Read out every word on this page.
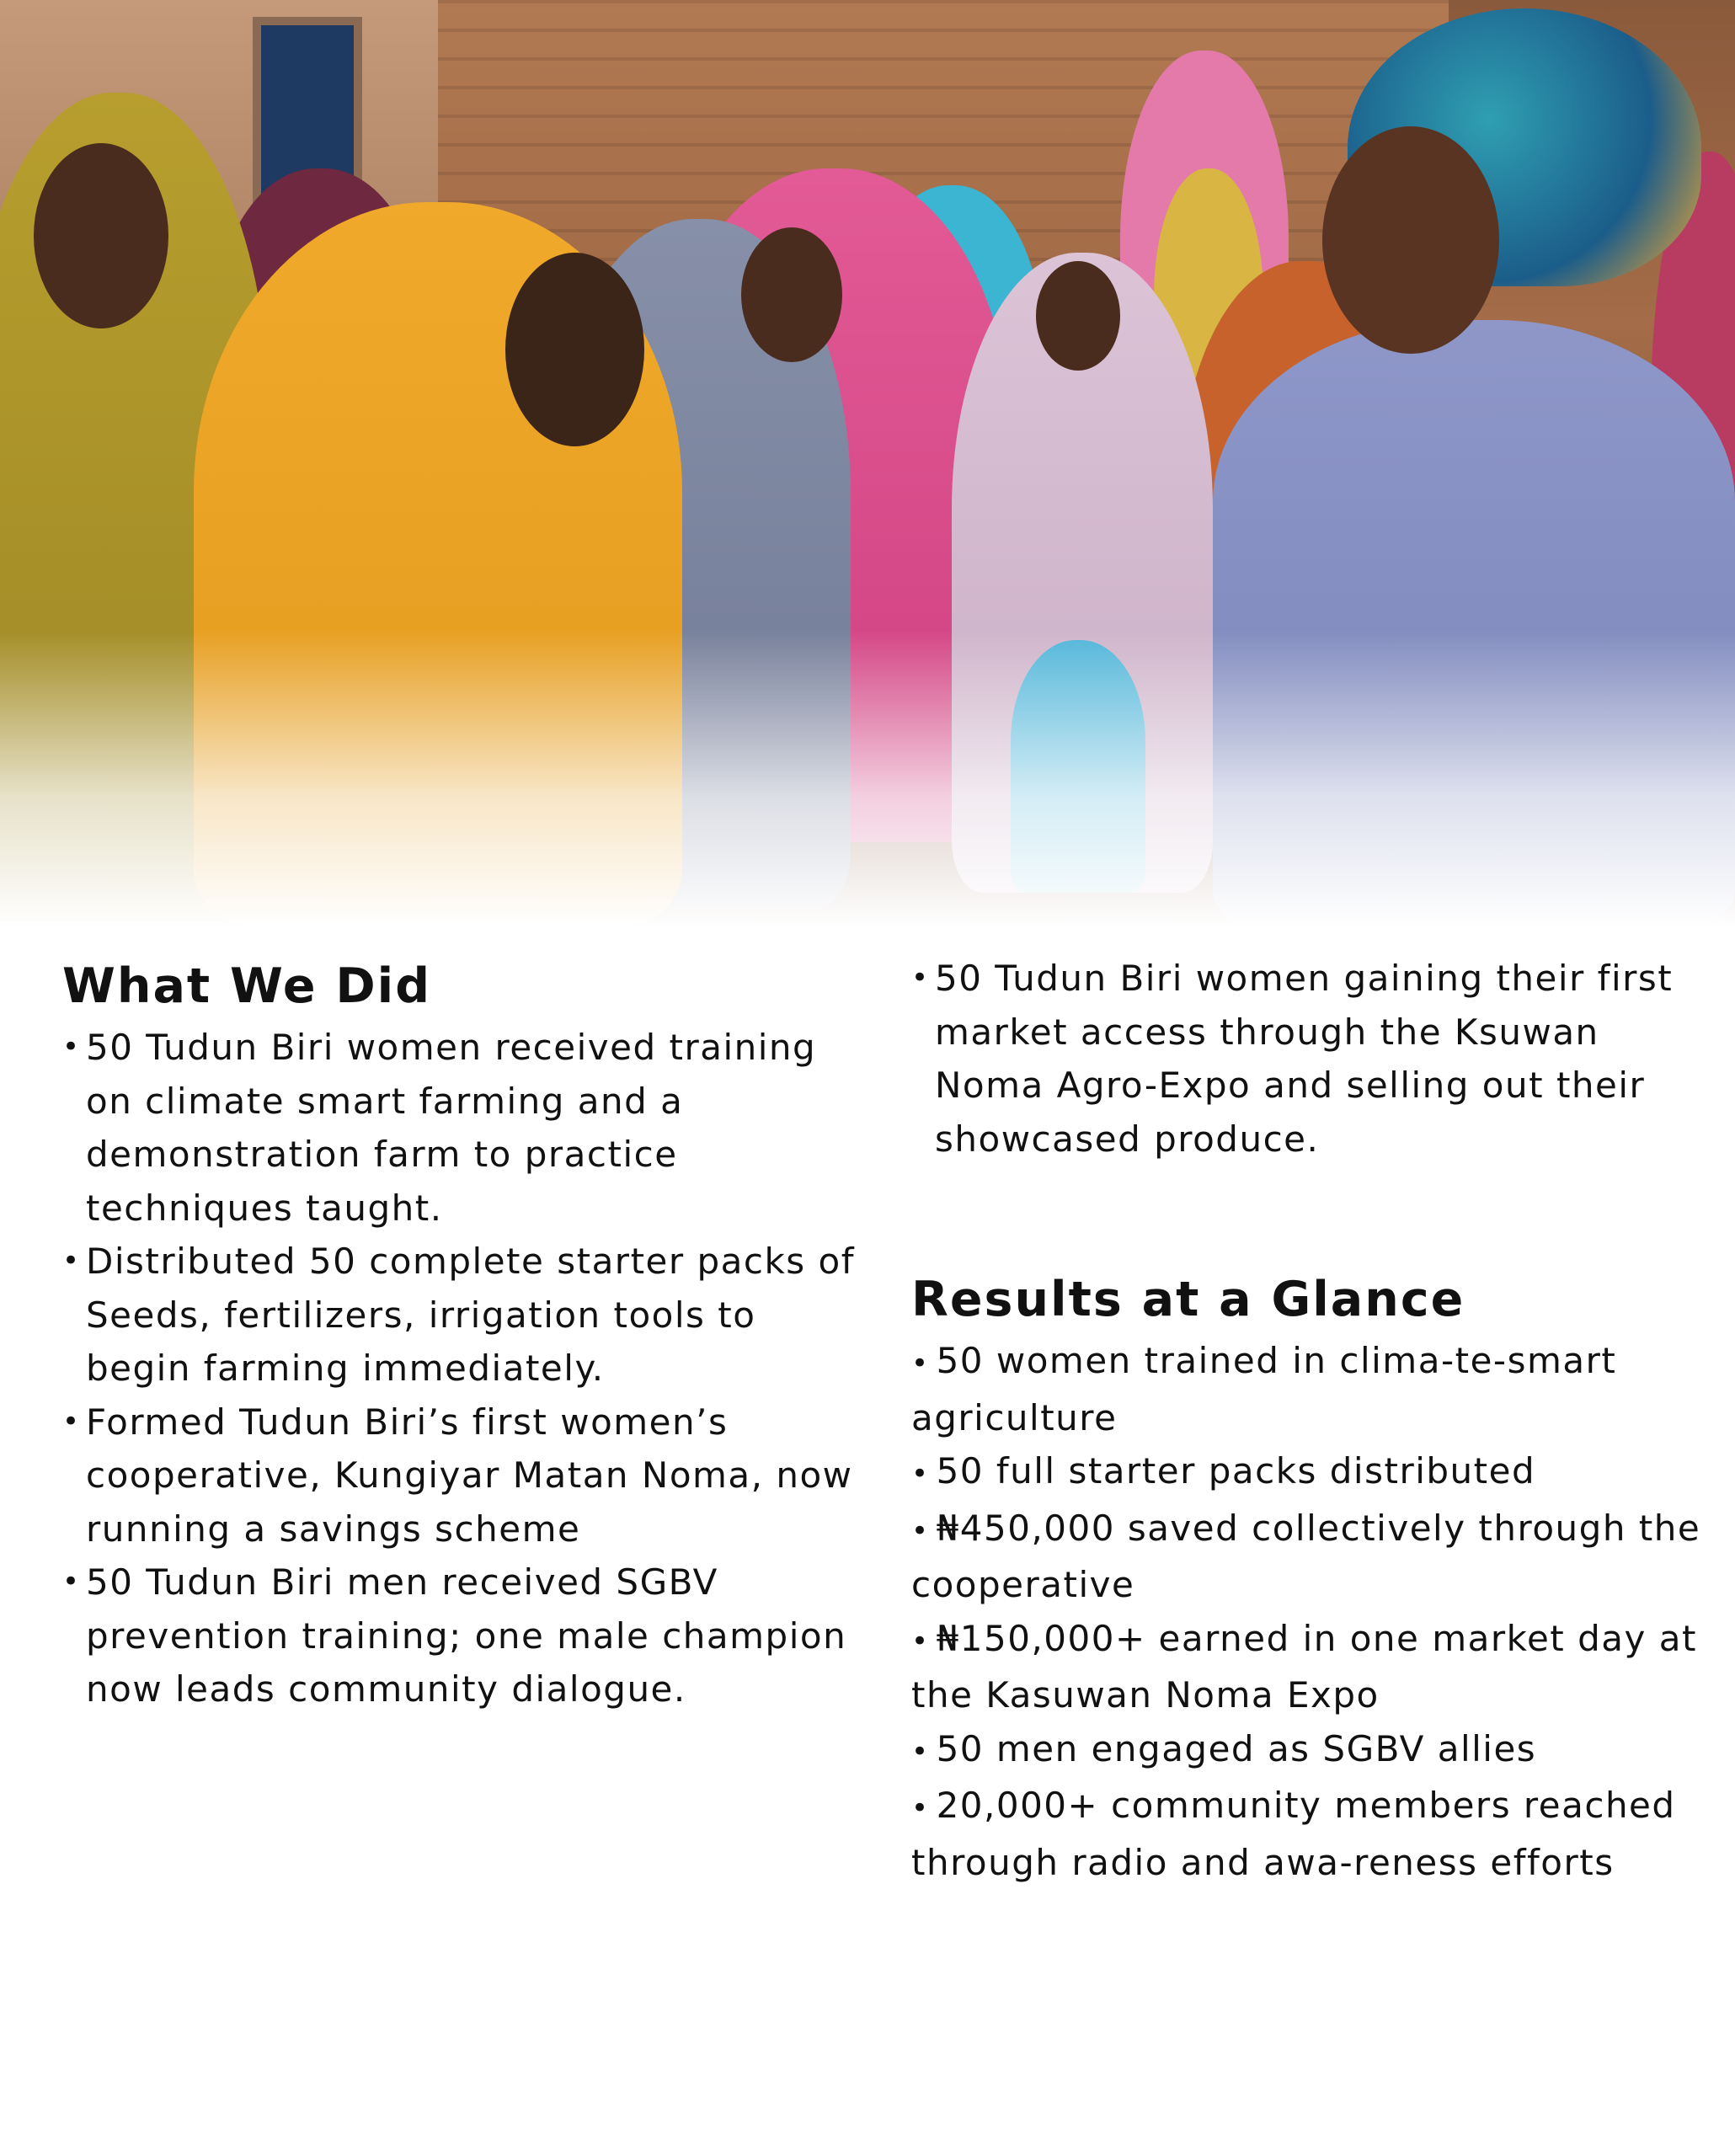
What We Did
• 50 Tudun Biri women received training on climate smart farming and a demonstration farm to practice techniques taught.
• Distributed 50 complete starter packs of Seeds, fertilizers, irrigation tools to begin farming immediately.
• Formed Tudun Biri’s first women’s cooperative, Kungiyar Matan Noma, now running a savings scheme
• 50 Tudun Biri men received SGBV prevention training; one male champion now leads community dialogue.
• 50 Tudun Biri women gaining their first market access through the Ksuwan Noma Agro-Expo and selling out their showcased produce.
Results at a Glance
• 50 women trained in clima-te-smart agriculture
• 50 full starter packs distributed
• ₦450,000 saved collectively through the cooperative
• ₦150,000+ earned in one market day at the Kasuwan Noma Expo
• 50 men engaged as SGBV allies
• 20,000+ community members reached through radio and awa-reness efforts
